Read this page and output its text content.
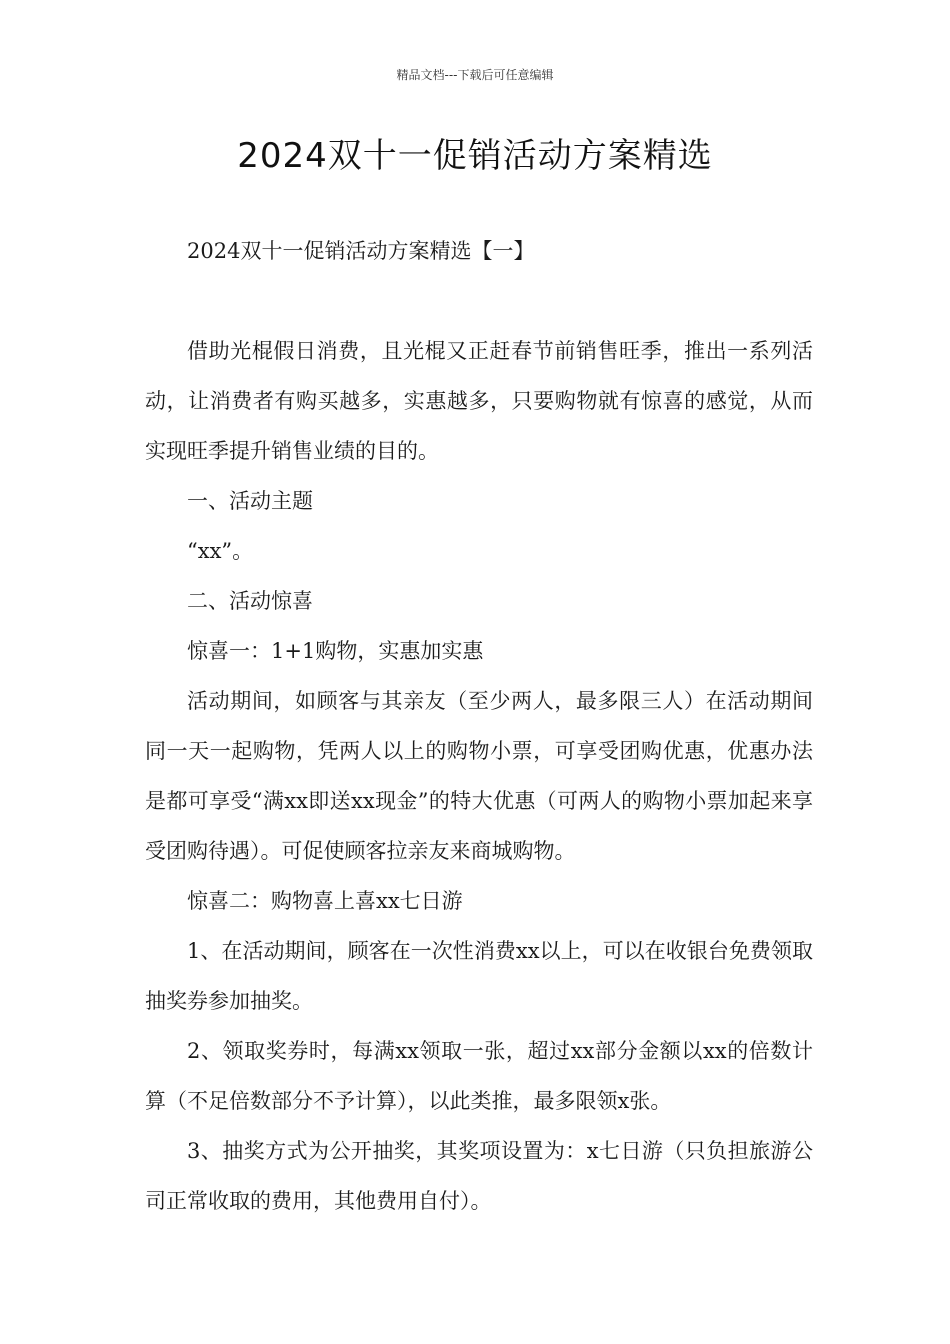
精品文档---下载后可任意编辑
2024双十一促销活动方案精选

2024双十一促销活动方案精选【一】

借助光棍假日消费，且光棍又正赶春节前销售旺季，推出一系列活动，让消费者有购买越多，实惠越多，只要购物就有惊喜的感觉，从而实现旺季提升销售业绩的目的。

一、活动主题

“xx”。

二、活动惊喜

惊喜一：1+1购物，实惠加实惠

活动期间，如顾客与其亲友（至少两人，最多限三人）在活动期间同一天一起购物，凭两人以上的购物小票，可享受团购优惠，优惠办法是都可享受“满xx即送xx现金”的特大优惠（可两人的购物小票加起来享受团购待遇）。可促使顾客拉亲友来商城购物。

惊喜二：购物喜上喜xx七日游

1、在活动期间，顾客在一次性消费xx以上，可以在收银台免费领取抽奖券参加抽奖。

2、领取奖券时，每满xx领取一张，超过xx部分金额以xx的倍数计算（不足倍数部分不予计算），以此类推，最多限领x张。

3、抽奖方式为公开抽奖，其奖项设置为：x七日游（只负担旅游公司正常收取的费用，其他费用自付）。
